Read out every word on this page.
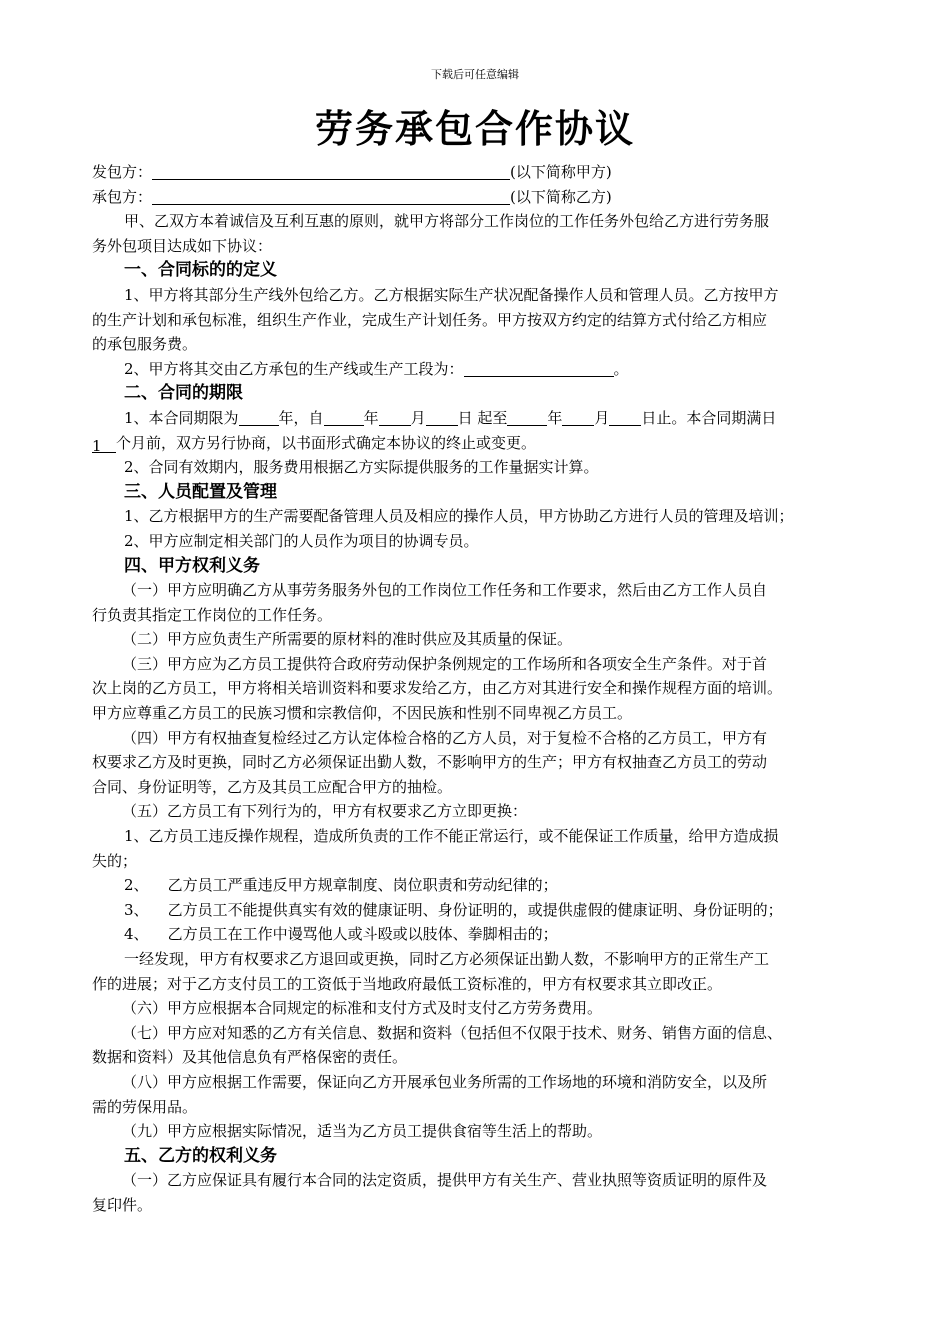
下载后可任意编辑
劳务承包合作协议
发包方：	(以下简称甲方)
承包方：	(以下简称乙方)
甲、乙双方本着诚信及互利互惠的原则，就甲方将部分工作岗位的工作任务外包给乙方进行劳务服
务外包项目达成如下协议：
一、合同标的的定义
1、甲方将其部分生产线外包给乙方。乙方根据实际生产状况配备操作人员和管理人员。乙方按甲方
的生产计划和承包标准，组织生产作业，完成生产计划任务。甲方按双方约定的结算方式付给乙方相应
的承包服务费。
2、甲方将其交由乙方承包的生产线或生产工段为：	。
二、合同的期限
1、本合同期限为	年，自	年 月 日 起至	年 月 日止。本合同期满日
1 个月前，双方另行协商，以书面形式确定本协议的终止或变更。
2、合同有效期内，服务费用根据乙方实际提供服务的工作量据实计算。
三、人员配置及管理
1、乙方根据甲方的生产需要配备管理人员及相应的操作人员，甲方协助乙方进行人员的管理及培训；
2、甲方应制定相关部门的人员作为项目的协调专员。
四、甲方权利义务
（一）甲方应明确乙方从事劳务服务外包的工作岗位工作任务和工作要求，然后由乙方工作人员自
行负责其指定工作岗位的工作任务。
（二）甲方应负责生产所需要的原材料的准时供应及其质量的保证。
（三）甲方应为乙方员工提供符合政府劳动保护条例规定的工作场所和各项安全生产条件。对于首
次上岗的乙方员工，甲方将相关培训资料和要求发给乙方，由乙方对其进行安全和操作规程方面的培训。
甲方应尊重乙方员工的民族习惯和宗教信仰，不因民族和性别不同卑视乙方员工。
（四）甲方有权抽查复检经过乙方认定体检合格的乙方人员，对于复检不合格的乙方员工，甲方有
权要求乙方及时更换，同时乙方必须保证出勤人数，不影响甲方的生产；甲方有权抽查乙方员工的劳动
合同、身份证明等，乙方及其员工应配合甲方的抽检。
（五）乙方员工有下列行为的，甲方有权要求乙方立即更换：
1、乙方员工违反操作规程，造成所负责的工作不能正常运行，或不能保证工作质量，给甲方造成损
失的；
2、    乙方员工严重违反甲方规章制度、岗位职责和劳动纪律的；
3、    乙方员工不能提供真实有效的健康证明、身份证明的，或提供虚假的健康证明、身份证明的；
4、    乙方员工在工作中谩骂他人或斗殴或以肢体、拳脚相击的；
一经发现，甲方有权要求乙方退回或更换，同时乙方必须保证出勤人数，不影响甲方的正常生产工
作的进展；对于乙方支付员工的工资低于当地政府最低工资标准的，甲方有权要求其立即改正。
（六）甲方应根据本合同规定的标准和支付方式及时支付乙方劳务费用。
（七）甲方应对知悉的乙方有关信息、数据和资料（包括但不仅限于技术、财务、销售方面的信息、
数据和资料）及其他信息负有严格保密的责任。
（八）甲方应根据工作需要，保证向乙方开展承包业务所需的工作场地的环境和消防安全，以及所
需的劳保用品。
（九）甲方应根据实际情况，适当为乙方员工提供食宿等生活上的帮助。
五、乙方的权利义务
（一）乙方应保证具有履行本合同的法定资质，提供甲方有关生产、营业执照等资质证明的原件及
复印件。
